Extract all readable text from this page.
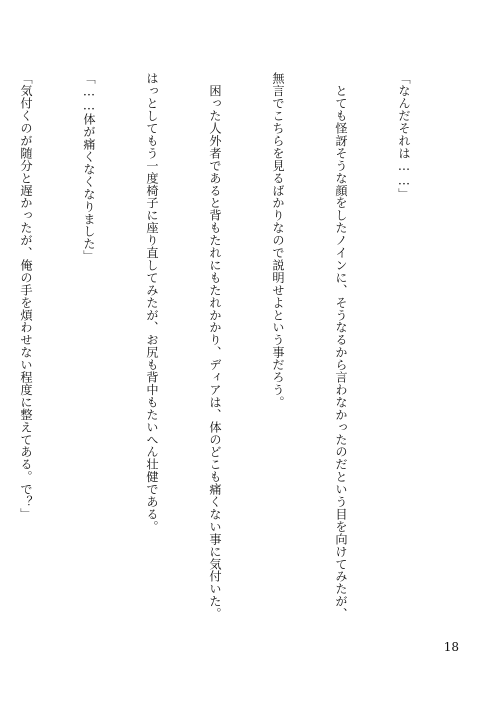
「なんだそれは……」

　とても怪訝そうな顔をしたノインに、そうなるから言わなかったのだという目を向けてみたが、

無言でこちらを見るばかりなので説明せよという事だろう。

　困った人外者であると背もたれにもたれかかり、ディアは、体のどこも痛くない事に気付いた。

はっとしてもう一度椅子に座り直してみたが、お尻も背中もたいへん壮健である。

「……体が痛くなくなりました」

「気付くのが随分と遅かったが、俺の手を煩わせない程度に整えてある。で？」

18
